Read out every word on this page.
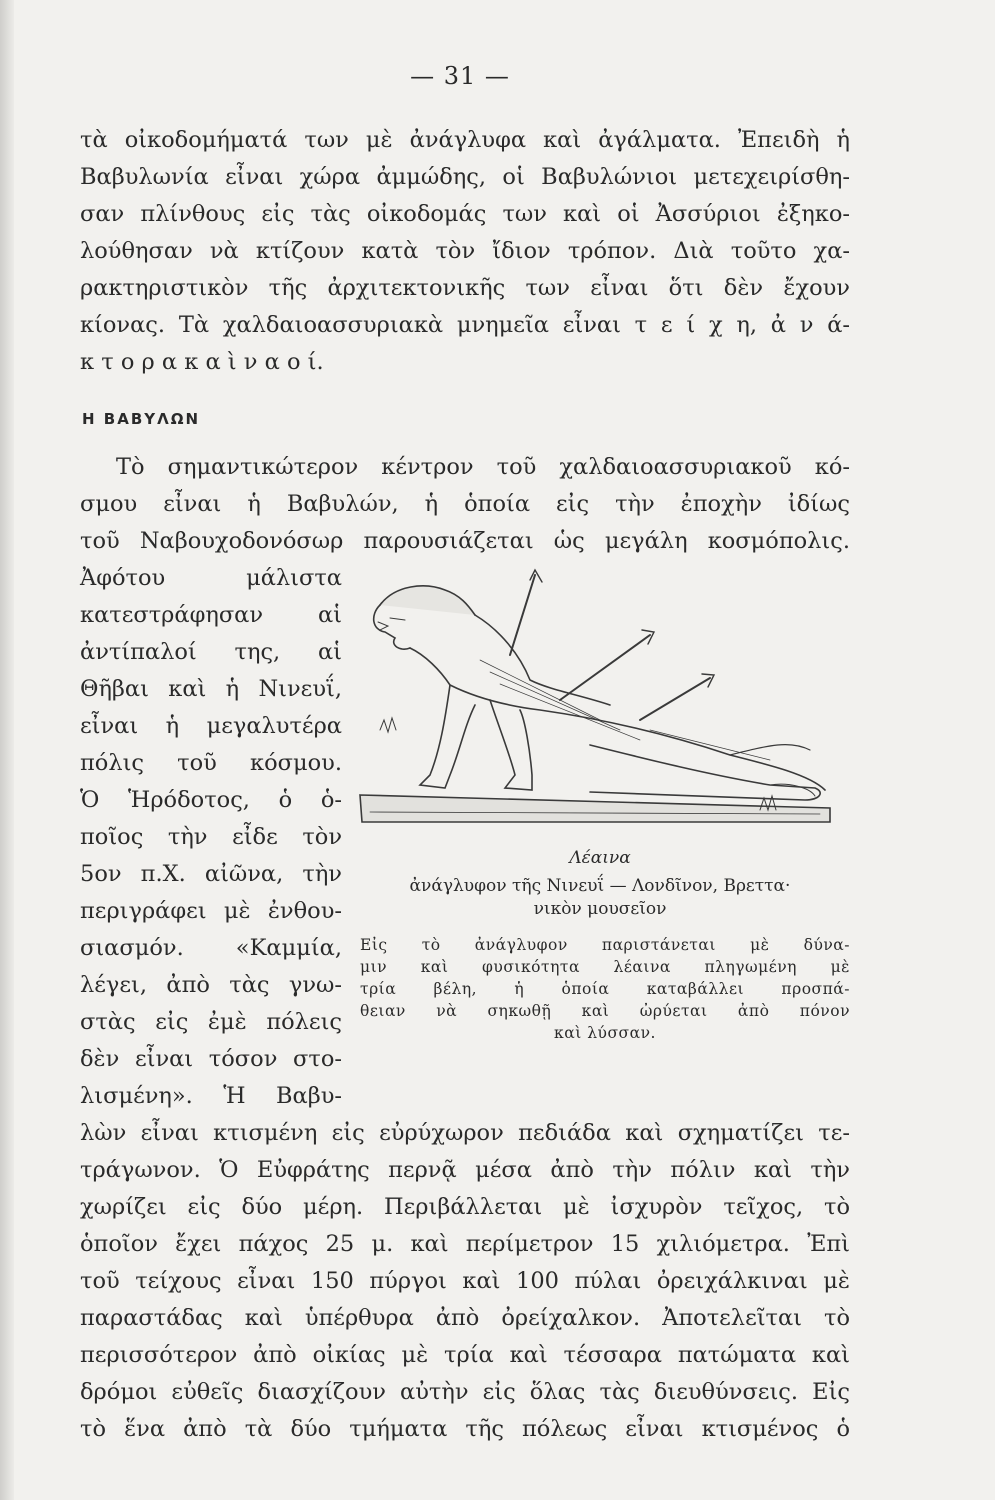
— 31 —
τὰ οἰκοδομήματά των μὲ ἀνάγλυφα καὶ ἀγάλματα. Ἐπειδὴ ἡ
Βαβυλωνία εἶναι χώρα ἀμμώδης, οἱ Βαβυλώνιοι μετεχειρίσθη-
σαν πλίνθους εἰς τὰς οἰκοδομάς των καὶ οἱ Ἀσσύριοι ἐξηκο-
λούθησαν νὰ κτίζουν κατὰ τὸν ἴδιον τρόπον. Διὰ τοῦτο χα-
ρακτηριστικὸν τῆς ἀρχιτεκτονικῆς των εἶναι ὅτι δὲν ἔχουν
κίονας. Τὰ χαλδαιοασσυριακὰ μνημεῖα εἶναι τ ε ί χ η, ἀ ν ά-
κ τ ο ρ α κ α ὶ ν α ο ί.
Η ΒΑΒΥΛΩΝ
Τὸ σημαντικώτερον κέντρον τοῦ χαλδαιοασσυριακοῦ κό-
σμου εἶναι ἡ Βαβυλών, ἡ ὁποία εἰς τὴν ἐποχὴν ἰδίως
τοῦ Ναβουχοδονόσωρ παρουσιάζεται ὡς μεγάλη κοσμόπολις.
Ἀφότου μάλιστα
κατεστράφησαν αἱ
ἀντίπαλοί της, αἱ
Θῆβαι καὶ ἡ Νινευΐ,
εἶναι ἡ μεγαλυτέρα
πόλις τοῦ κόσμου.
Ὁ Ἡρόδοτος, ὁ ὁ-
ποῖος τὴν εἶδε τὸν
5ον π.Χ. αἰῶνα, τὴν
περιγράφει μὲ ἐνθου-
σιασμόν. «Καμμία,
λέγει, ἀπὸ τὰς γνω-
στὰς εἰς ἐμὲ πόλεις
δὲν εἶναι τόσον στο-
λισμένη». Ἡ Βαβυ-
λὼν εἶναι κτισμένη εἰς εὐρύχωρον πεδιάδα καὶ σχηματίζει τε-
τράγωνον. Ὁ Εὐφράτης περνᾷ μέσα ἀπὸ τὴν πόλιν καὶ τὴν
χωρίζει εἰς δύο μέρη. Περιβάλλεται μὲ ἰσχυρὸν τεῖχος, τὸ
ὁποῖον ἔχει πάχος 25 μ. καὶ περίμετρον 15 χιλιόμετρα. Ἐπὶ
τοῦ τείχους εἶναι 150 πύργοι καὶ 100 πύλαι ὀρειχάλκιναι μὲ
παραστάδας καὶ ὑπέρθυρα ἀπὸ ὀρείχαλκον. Ἀποτελεῖται τὸ
περισσότερον ἀπὸ οἰκίας μὲ τρία καὶ τέσσαρα πατώματα καὶ
δρόμοι εὐθεῖς διασχίζουν αὐτὴν εἰς ὅλας τὰς διευθύνσεις. Εἰς
τὸ ἕνα ἀπὸ τὰ δύο τμήματα τῆς πόλεως εἶναι κτισμένος ὁ
Λέαινα
ἀνάγλυφον τῆς Νινευΐ — Λονδῖνον, Βρεττα·
νικὸν μουσεῖον
Εἰς τὸ ἀνάγλυφον παριστάνεται μὲ δύνα-
μιν καὶ φυσικότητα λέαινα πληγωμένη μὲ
τρία βέλη, ἡ ὁποία καταβάλλει προσπά-
θειαν νὰ σηκωθῇ καὶ ὠρύεται ἀπὸ πόνον
καὶ λύσσαν.
